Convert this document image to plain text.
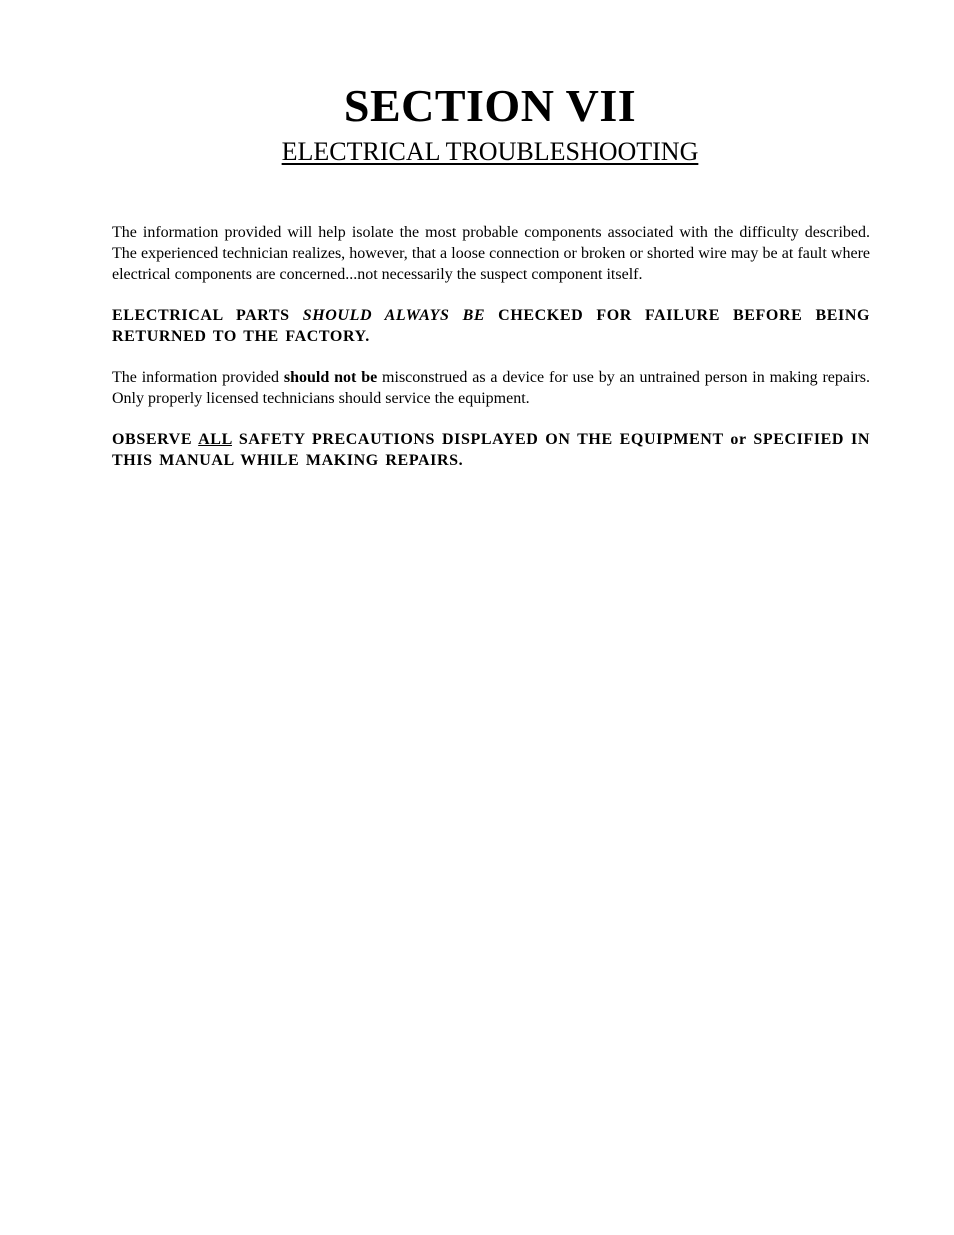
SECTION VII
ELECTRICAL TROUBLESHOOTING

The information provided will help isolate the most probable components associated with the difficulty described. The experienced technician realizes, however, that a loose connection or broken or shorted wire may be at fault where electrical components are concerned...not necessarily the suspect component itself.

ELECTRICAL PARTS SHOULD ALWAYS BE CHECKED FOR FAILURE BEFORE BEING RETURNED TO THE FACTORY.

The information provided should not be misconstrued as a device for use by an untrained person in making repairs. Only properly licensed technicians should service the equipment.

OBSERVE ALL SAFETY PRECAUTIONS DISPLAYED ON THE EQUIPMENT or SPECIFIED IN THIS MANUAL WHILE MAKING REPAIRS.
